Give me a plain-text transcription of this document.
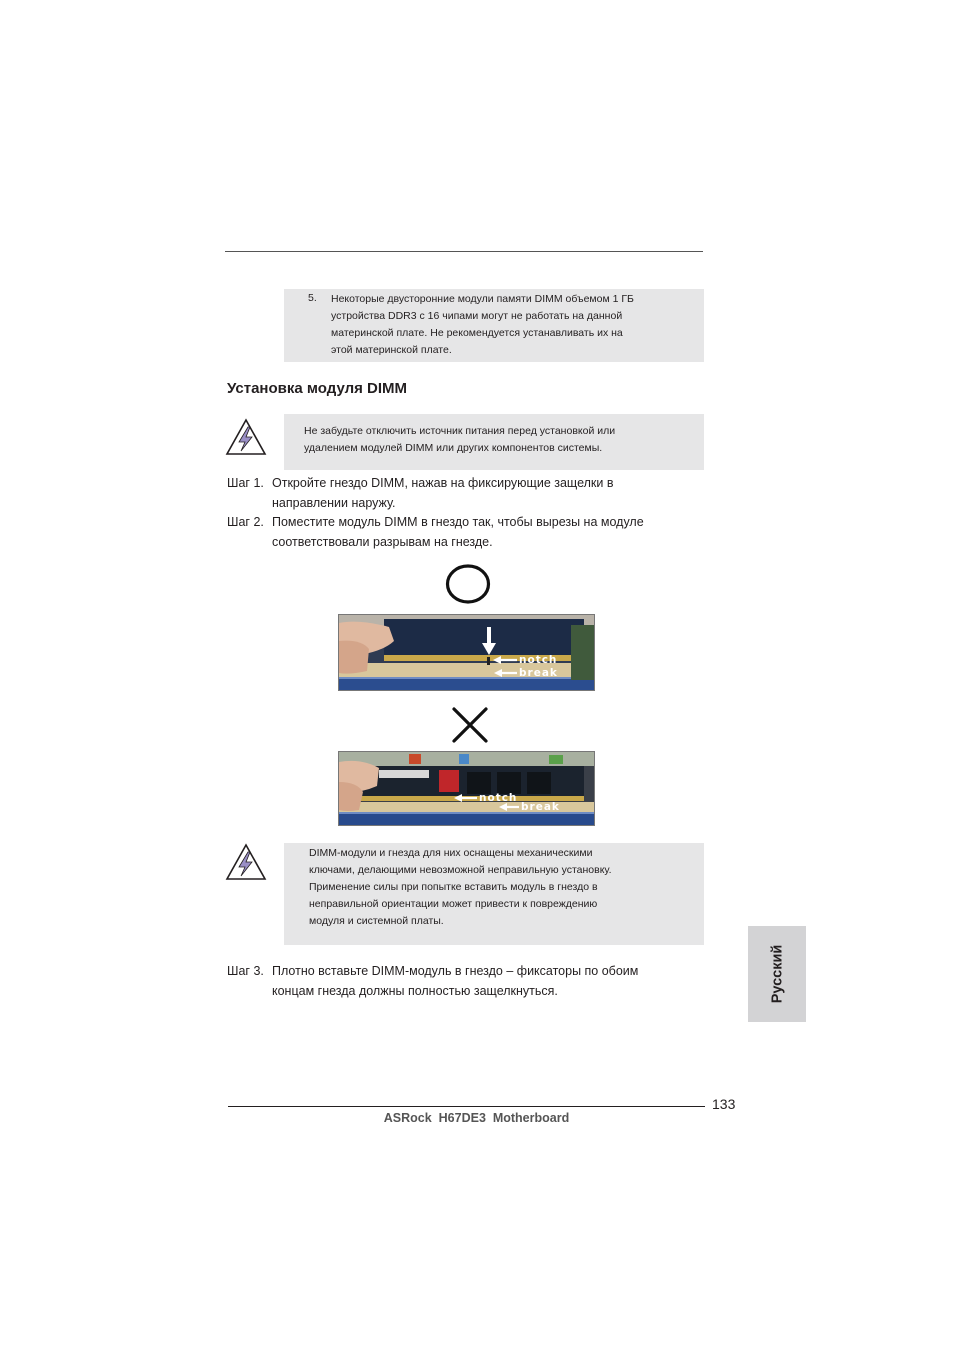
5. Некоторые двусторонние модули памяти DIMM объемом 1 ГБ
устройства DDR3 с 16 чипами могут не работать на данной
материнской плате. Не рекомендуется устанавливать их на
этой материнской плате.
Установка модуля DIMM
Не забудьте отключить источник питания перед установкой или
удалением модулей DIMM или других компонентов системы.
Шаг 1. Откройте гнездо DIMM, нажав на фиксирующие защелки в
направлении наружу.
Шаг 2. Поместите модуль DIMM в гнездо так, чтобы вырезы на модуле
соответствовали разрывам на гнезде.
notch
break
notch
break
DIMM-модули и гнезда для них оснащены механическими
ключами, делающими невозможной неправильную установку.
Применение силы при попытке вставить модуль в гнездо в
неправильной ориентации может привести к повреждению
модуля и системной платы.
Русский
Шаг 3. Плотно вставьте DIMM-модуль в гнездо – фиксаторы по обоим
концам гнезда должны полностью защелкнуться.
133
ASRock  H67DE3  Motherboard
